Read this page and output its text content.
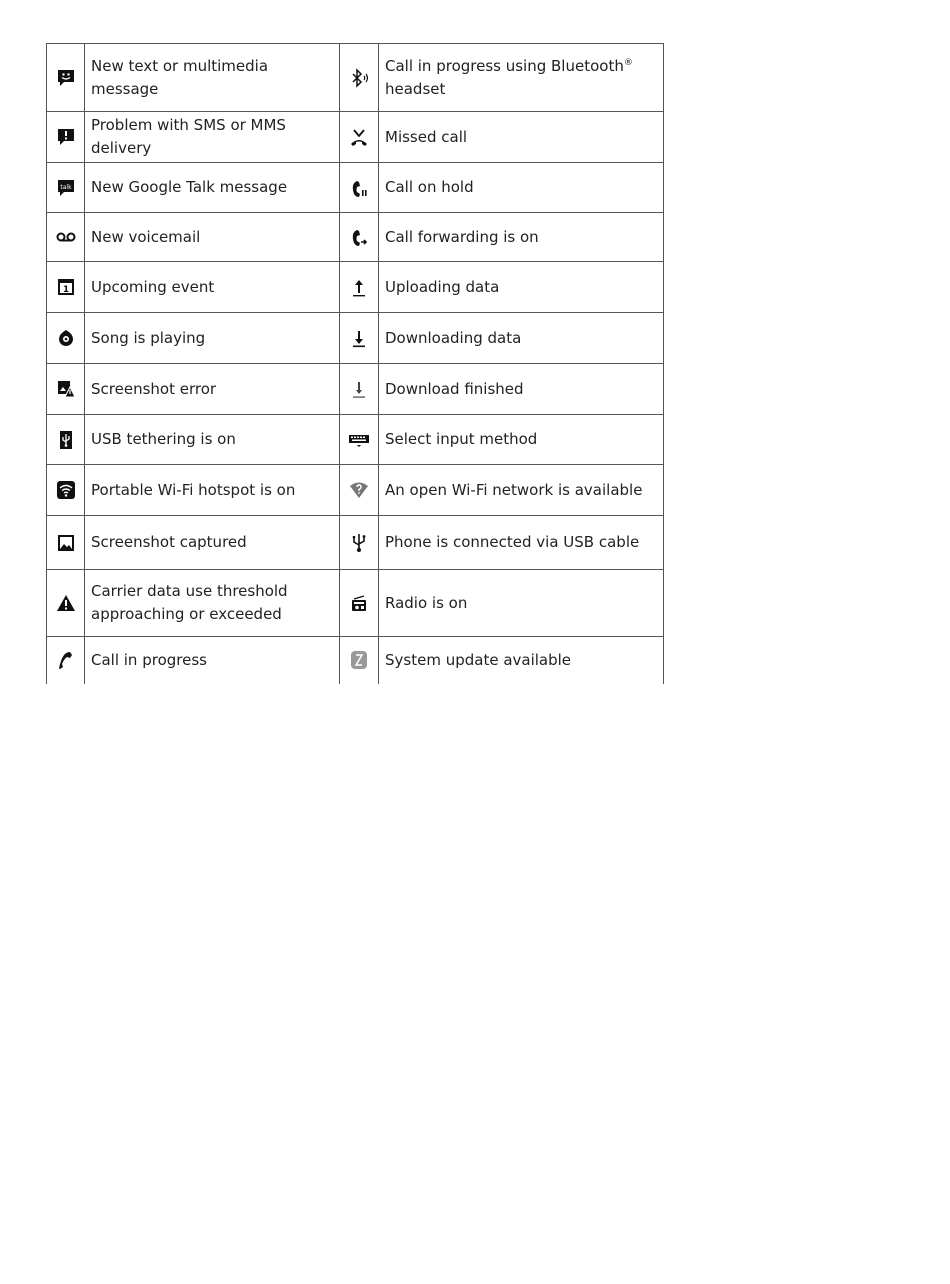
	New text or multimedia message		Call in progress using Bluetooth®
headset

	Problem with SMS or MMS delivery		Missed call

talk	New Google Talk message		Call on hold

	New voicemail		Call forwarding is on

1	Upcoming event		Uploading data

	Song is playing		Downloading data

	Screenshot error		Download finished

	USB tethering is on		Select input method

	Portable Wi-Fi hotspot is on		An open Wi-Fi network is available

	Screenshot captured		Phone is connected via USB cable

	Carrier data use threshold approaching or exceeded		Radio is on

	Call in progress		System update available
